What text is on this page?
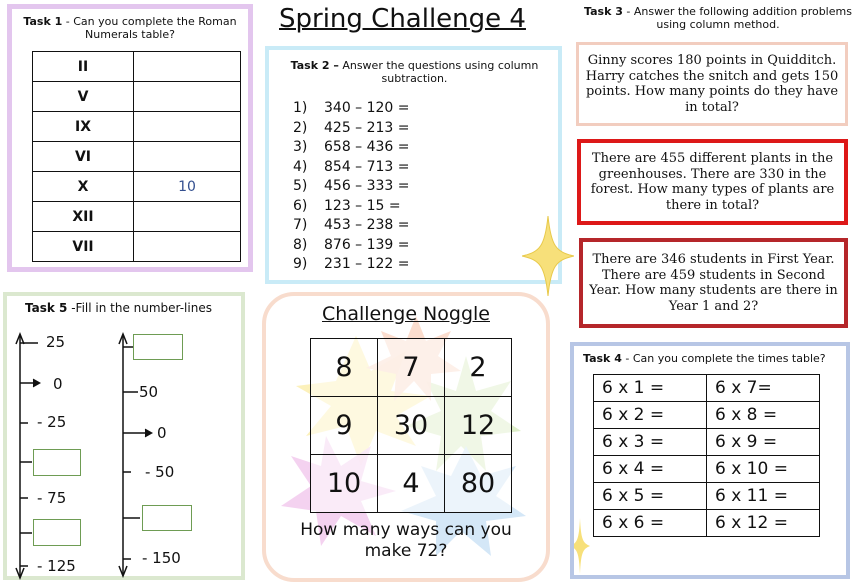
Spring Challenge 4
Task 1 - Can you complete the Roman Numerals table?
II	
V	
IX	
VI	
X	10
XII	
VII	
Task 2 – Answer the questions using column subtraction.
1) 340 – 120 =
2) 425 – 213 =
3) 658 – 436 =
4) 854 – 713 =
5) 456 – 333 =
6) 123 – 15 =
7) 453 – 238 =
8) 876 – 139 =
9) 231 – 122 =
Task 3 - Answer the following addition problems using column method.
Ginny scores 180 points in Quidditch. Harry catches the snitch and gets 150 points. How many points do they have in total?
There are 455 different plants in the greenhouses. There are 330 in the forest. How many types of plants are there in total?
There are 346 students in First Year. There are 459 students in Second Year. How many students are there in Year 1 and 2?
Task 5 -Fill in the number-lines
25
0
- 25
- 75
- 125
50
0
- 50
- 150
Challenge Noggle
8	7	2
9	30	12
10	4	80
How many ways can you
make 72?
Task 4 - Can you complete the times table?
6 x 1 =	6 x 7=
6 x 2 =	6 x 8 =
6 x 3 =	6 x 9 =
6 x 4 =	6 x 10 =
6 x 5 =	6 x 11 =
6 x 6 =	6 x 12 =
